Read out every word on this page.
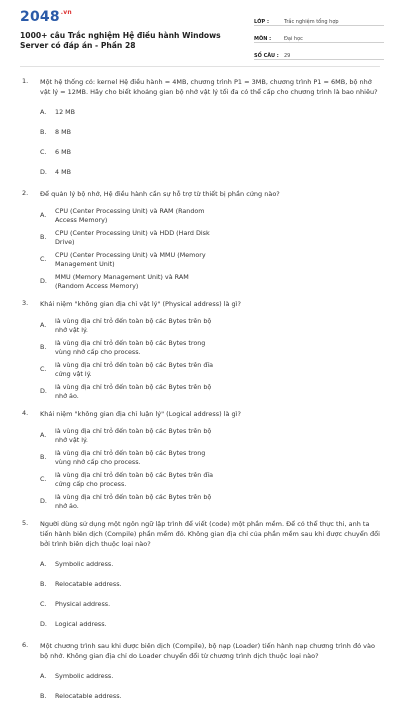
$2048^{.vn}$
1000+ câu Trắc nghiệm Hệ điều hành Windows Server có đáp án - Phần 28
LỚP :	Trắc nghiệm tổng hợp
MÔN :	Đại học
SỐ CÂU :	29
1. Một hệ thống có: kernel Hệ điều hành = 4MB, chương trình P1 = 3MB, chương trình P1 = 6MB, bộ nhớ vật lý = 12MB. Hãy cho biết khoảng gian bộ nhớ vật lý tối đa có thể cấp cho chương trình là bao nhiêu?
A.	12 MB
B.	8 MB
C.	6 MB
D.	4 MB
2. Để quản lý bộ nhớ, Hệ điều hành cần sự hỗ trợ từ thiết bị phần cứng nào?
A.
CPU (Center Processing Unit) và RAM (Random Access Memory)
B.
CPU (Center Processing Unit) và HDD (Hard Disk Drive)
C.
CPU (Center Processing Unit) và MMU (Memory Management Unit)
D.
MMU (Memory Management Unit) và RAM (Random Access Memory)
3. Khái niệm "không gian địa chỉ vật lý" (Physical address) là gì?
A.
là vùng địa chỉ trỏ đến toàn bộ các Bytes trên bộ nhớ vật lý.
B.
là vùng địa chỉ trỏ đến toàn bộ các Bytes trong vùng nhớ cấp cho process.
C.
là vùng địa chỉ trỏ đến toàn bộ các Bytes trên đĩa cứng vật lý.
D.
là vùng địa chỉ trỏ đến toàn bộ các Bytes trên bộ nhớ ảo.
4. Khái niệm "không gian địa chỉ luận lý" (Logical address) là gì?
A.
là vùng địa chỉ trỏ đến toàn bộ các Bytes trên bộ nhớ vật lý.
B.
là vùng địa chỉ trỏ đến toàn bộ các Bytes trong vùng nhớ cấp cho process.
C.
là vùng địa chỉ trỏ đến toàn bộ các Bytes trên đĩa cứng cấp cho process.
D.
là vùng địa chỉ trỏ đến toàn bộ các Bytes trên bộ nhớ ảo.
5. Người dùng sử dụng một ngôn ngữ lập trình để viết (code) một phần mềm. Để có thể thực thi, anh ta tiến hành biên dịch (Compile) phần mềm đó. Không gian địa chỉ của phần mềm sau khi được chuyển đổi bởi trình biên dịch thuộc loại nào?
A.	Symbolic address.
B.	Relocatable address.
C.	Physical address.
D.	Logical address.
6. Một chương trình sau khi được biên dịch (Compile), bộ nạp (Loader) tiến hành nạp chương trình đó vào bộ nhớ. Không gian địa chỉ do Loader chuyển đổi từ chương trình dịch thuộc loại nào?
A.	Symbolic address.
B.	Relocatable address.
